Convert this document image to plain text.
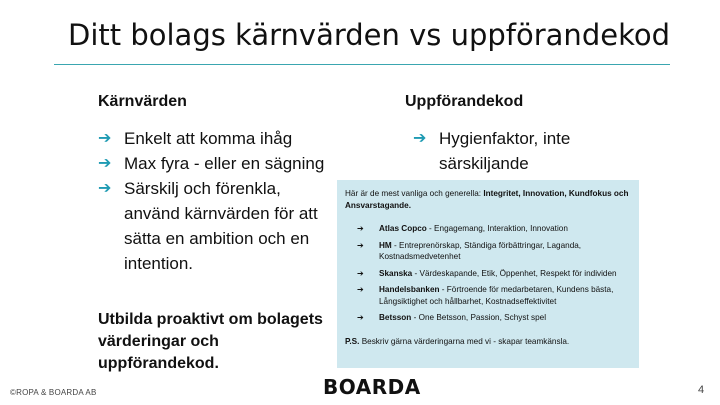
Ditt bolags kärnvärden vs uppförandekod
Kärnvärden
➔ Enkelt att komma ihåg
➔ Max fyra - eller en sägning
➔ Särskilj och förenkla, använd kärnvärden för att sätta en ambition och en intention.
Utbilda proaktivt om bolagets värderingar och uppförandekod.
Uppförandekod
➔ Hygienfaktor, inte särskiljande
Här är de mest vanliga och generella: Integritet, Innovation, Kundfokus och Ansvarstagande.
➔ Atlas Copco - Engagemang, Interaktion, Innovation
➔ HM - Entreprenörskap, Ständiga förbättringar, Laganda, Kostnadsmedvetenhet
➔ Skanska - Värdeskapande, Etik, Öppenhet, Respekt för individen
➔ Handelsbanken - Förtroende för medarbetaren, Kundens bästa, Långsiktighet och hållbarhet, Kostnadseffektivitet
➔ Betsson - One Betsson, Passion, Schyst spel
P.S. Beskriv gärna värderingarna med vi - skapar teamkänsla.
©ROPA & BOARDA AB	BOARDA	4
